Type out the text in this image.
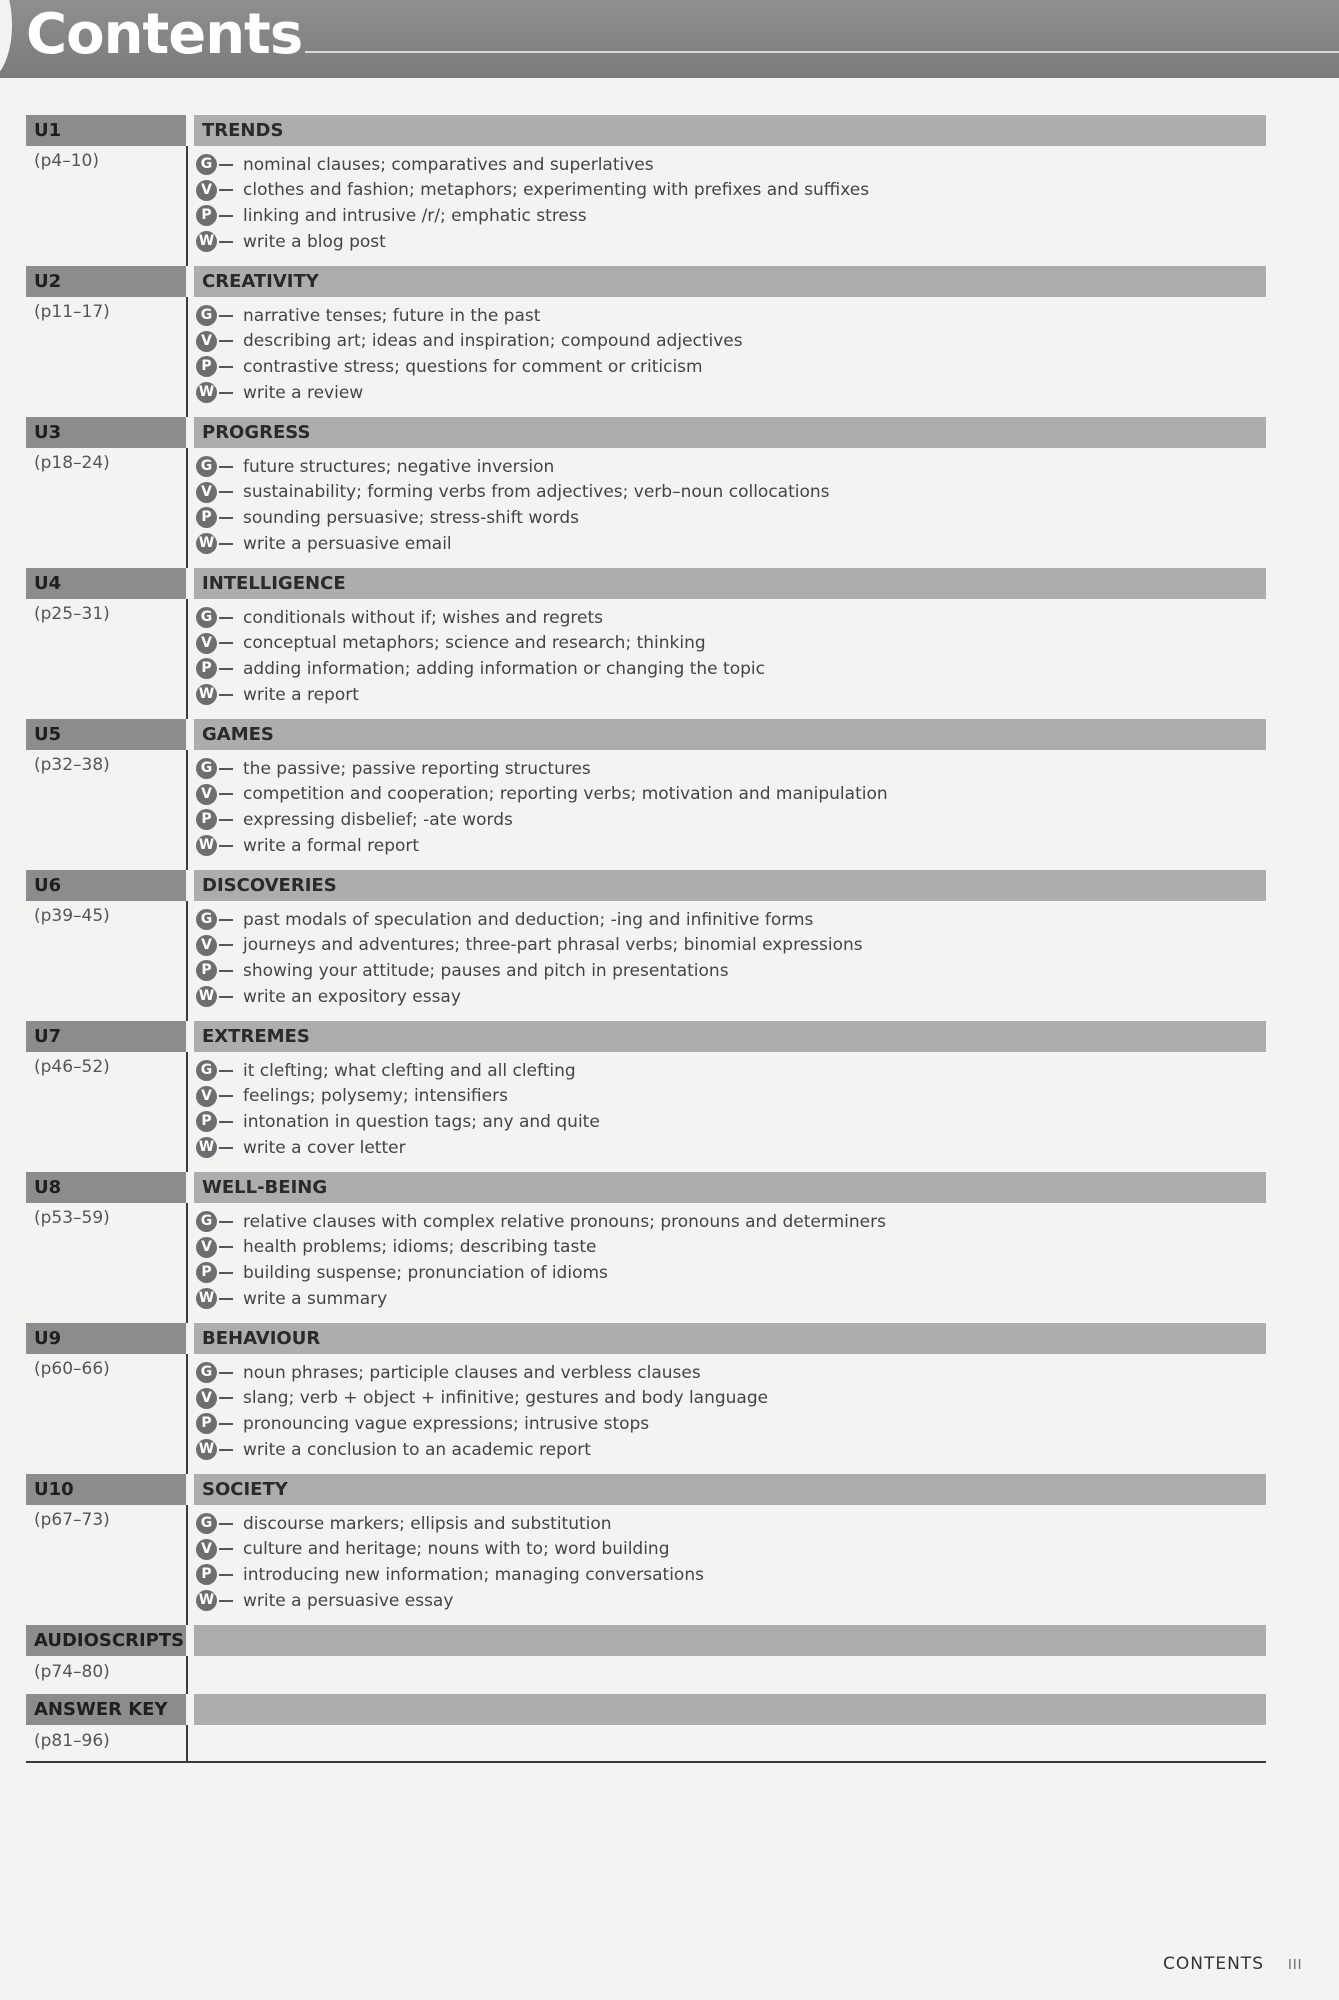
Contents
U1	TRENDS
(p4–10)	G nominal clauses; comparatives and superlatives
V clothes and fashion; metaphors; experimenting with prefixes and suffixes
P	linking and intrusive /r/; emphatic stress
W write a blog post
U2	CREATIVITY
(p11–17)	G narrative tenses; future in the past
V describing art; ideas and inspiration; compound adjectives
P	contrastive stress; questions for comment or criticism
W write a review
U3	PROGRESS
(p18–24)	G future structures; negative inversion
V sustainability; forming verbs from adjectives; verb–noun collocations
P	sounding persuasive; stress-shift words
W write a persuasive email
U4	INTELLIGENCE
(p25–31)	G conditionals without if; wishes and regrets
V conceptual metaphors; science and research; thinking
P	adding information; adding information or changing the topic
W write a report
U5	GAMES
(p32–38)	G the passive; passive reporting structures
V competition and cooperation; reporting verbs; motivation and manipulation
P	expressing disbelief; -ate words
W write a formal report
U6	DISCOVERIES
(p39–45)	G past modals of speculation and deduction; -ing and infinitive forms
V journeys and adventures; three-part phrasal verbs; binomial expressions
P	showing your attitude; pauses and pitch in presentations
W write an expository essay
U7	EXTREMES
(p46–52)	G it clefting; what clefting and all clefting
V feelings; polysemy; intensifiers
P	intonation in question tags; any and quite
W write a cover letter
U8	WELL-BEING
(p53–59)	G relative clauses with complex relative pronouns; pronouns and determiners
V health problems; idioms; describing taste
P	building suspense; pronunciation of idioms
W write a summary
U9	BEHAVIOUR
(p60–66)	G noun phrases; participle clauses and verbless clauses
V slang; verb + object + infinitive; gestures and body language
P	pronouncing vague expressions; intrusive stops
W write a conclusion to an academic report
U10	SOCIETY
(p67–73)	G discourse markers; ellipsis and substitution
V culture and heritage; nouns with to; word building
P	introducing new information; managing conversations
W write a persuasive essay
AUDIOSCRIPTS
(p74–80)
ANSWER KEY
(p81–96)
CONTENTS III
